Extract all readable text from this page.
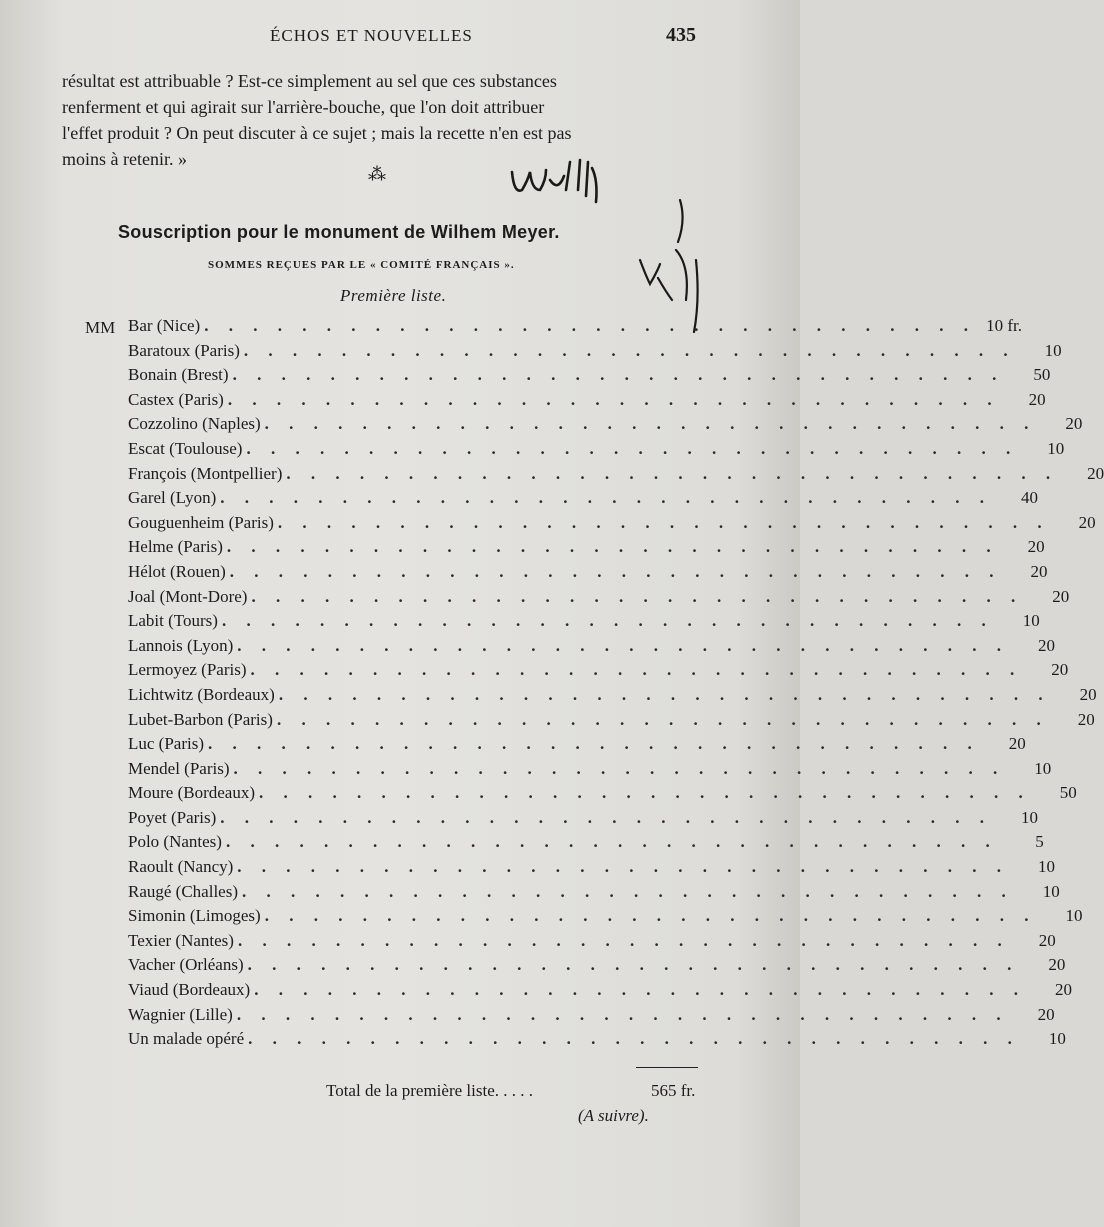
ÉCHOS ET NOUVELLES	435

résultat est attribuable ? Est-ce simplement au sel que ces substances

renferment et qui agirait sur l'arrière-bouche, que l'on doit attribuer

l'effet produit ? On peut discuter à ce sujet ; mais la recette n'en est pas

moins à retenir. »

⁂
Souscription pour le monument de Wilhem Meyer.
SOMMES REÇUES PAR LE « COMITÉ FRANÇAIS ».
Première liste.
MM Bar (Nice) . . . . . . . . . . . . . . . . . . . . . . . . . . . . . . . . 10 fr.
Baratoux (Paris) . . . . . . . . . . . . . . . . . . . . . . . . . . . . . . . .	10
Bonain (Brest) . . . . . . . . . . . . . . . . . . . . . . . . . . . . . . . .	50
Castex (Paris) . . . . . . . . . . . . . . . . . . . . . . . . . . . . . . . .	20
Cozzolino (Naples) . . . . . . . . . . . . . . . . . . . . . . . . . . . . . . . .	20
Escat (Toulouse) . . . . . . . . . . . . . . . . . . . . . . . . . . . . . . . .	10
François (Montpellier) . . . . . . . . . . . . . . . . . . . . . . . . . . . . . . . .	20
Garel (Lyon) . . . . . . . . . . . . . . . . . . . . . . . . . . . . . . . .	40
Gouguenheim (Paris) . . . . . . . . . . . . . . . . . . . . . . . . . . . . . . . .	20
Helme (Paris) . . . . . . . . . . . . . . . . . . . . . . . . . . . . . . . .	20
Hélot (Rouen) . . . . . . . . . . . . . . . . . . . . . . . . . . . . . . . .	20
Joal (Mont-Dore) . . . . . . . . . . . . . . . . . . . . . . . . . . . . . . . .	20
Labit (Tours) . . . . . . . . . . . . . . . . . . . . . . . . . . . . . . . .	10
Lannois (Lyon) . . . . . . . . . . . . . . . . . . . . . . . . . . . . . . . .	20
Lermoyez (Paris) . . . . . . . . . . . . . . . . . . . . . . . . . . . . . . . .	20
Lichtwitz (Bordeaux) . . . . . . . . . . . . . . . . . . . . . . . . . . . . . . . .	20
Lubet-Barbon (Paris) . . . . . . . . . . . . . . . . . . . . . . . . . . . . . . . .	20
Luc (Paris) . . . . . . . . . . . . . . . . . . . . . . . . . . . . . . . .	20
Mendel (Paris) . . . . . . . . . . . . . . . . . . . . . . . . . . . . . . . .	10
Moure (Bordeaux) . . . . . . . . . . . . . . . . . . . . . . . . . . . . . . . .	50
Poyet (Paris) . . . . . . . . . . . . . . . . . . . . . . . . . . . . . . . .	10
Polo (Nantes) . . . . . . . . . . . . . . . . . . . . . . . . . . . . . . . .	5
Raoult (Nancy) . . . . . . . . . . . . . . . . . . . . . . . . . . . . . . . .	10
Raugé (Challes) . . . . . . . . . . . . . . . . . . . . . . . . . . . . . . . .	10
Simonin (Limoges) . . . . . . . . . . . . . . . . . . . . . . . . . . . . . . . .	10
Texier (Nantes) . . . . . . . . . . . . . . . . . . . . . . . . . . . . . . . .	20
Vacher (Orléans) . . . . . . . . . . . . . . . . . . . . . . . . . . . . . . . .	20
Viaud (Bordeaux) . . . . . . . . . . . . . . . . . . . . . . . . . . . . . . . .	20
Wagnier (Lille) . . . . . . . . . . . . . . . . . . . . . . . . . . . . . . . .	20
Un malade opéré . . . . . . . . . . . . . . . . . . . . . . . . . . . . . . . .	10
Total de la première liste. . . . .	565 fr.
(A suivre).
